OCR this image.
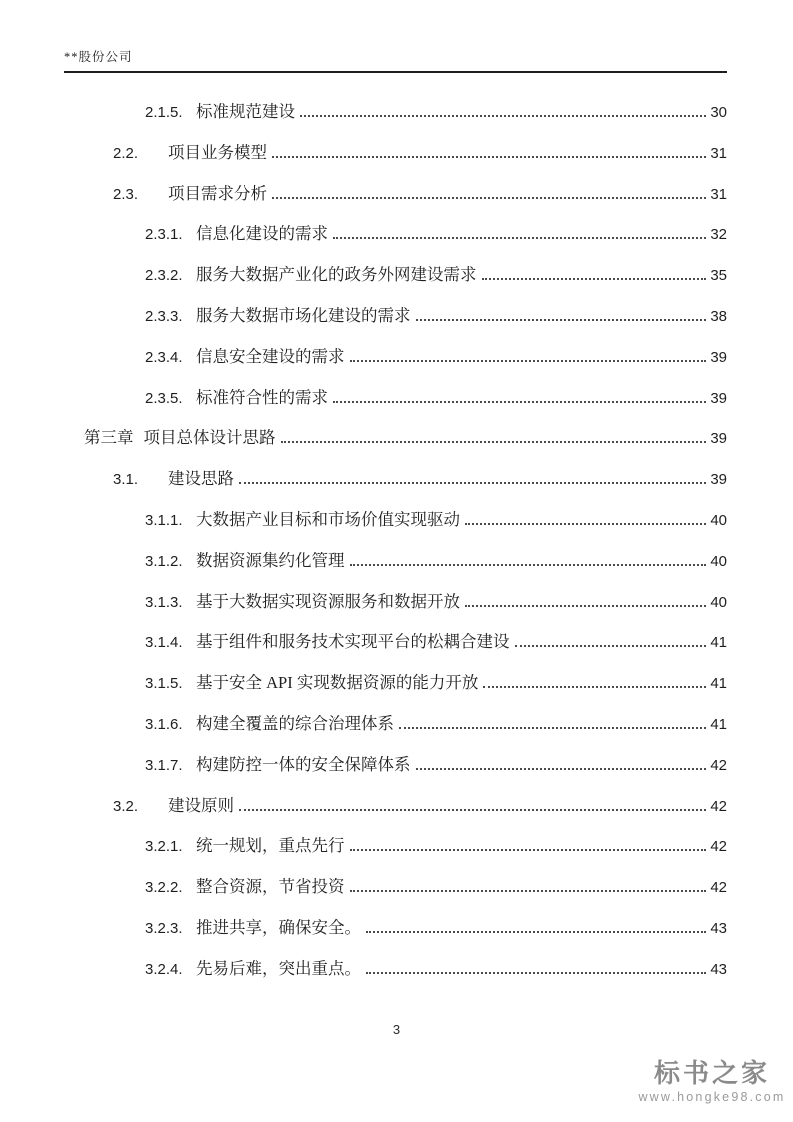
**股份公司
2.1.5. 标准规范建设	30
2.2.	项目业务模型	31
2.3.	项目需求分析	31
2.3.1. 信息化建设的需求	32
2.3.2. 服务大数据产业化的政务外网建设需求	35
2.3.3. 服务大数据市场化建设的需求	38
2.3.4. 信息安全建设的需求	39
2.3.5. 标准符合性的需求	39
第三章 项目总体设计思路	39
3.1.	建设思路	39
3.1.1. 大数据产业目标和市场价值实现驱动	40
3.1.2. 数据资源集约化管理	40
3.1.3. 基于大数据实现资源服务和数据开放	40
3.1.4. 基于组件和服务技术实现平台的松耦合建设	41
3.1.5. 基于安全 API 实现数据资源的能力开放	41
3.1.6. 构建全覆盖的综合治理体系	41
3.1.7. 构建防控一体的安全保障体系	42
3.2.	建设原则	42
3.2.1. 统一规划，重点先行	42
3.2.2. 整合资源，节省投资	42
3.2.3. 推进共享，确保安全。	43
3.2.4. 先易后难，突出重点。	43
3
标书之家
www.hongke98.com
